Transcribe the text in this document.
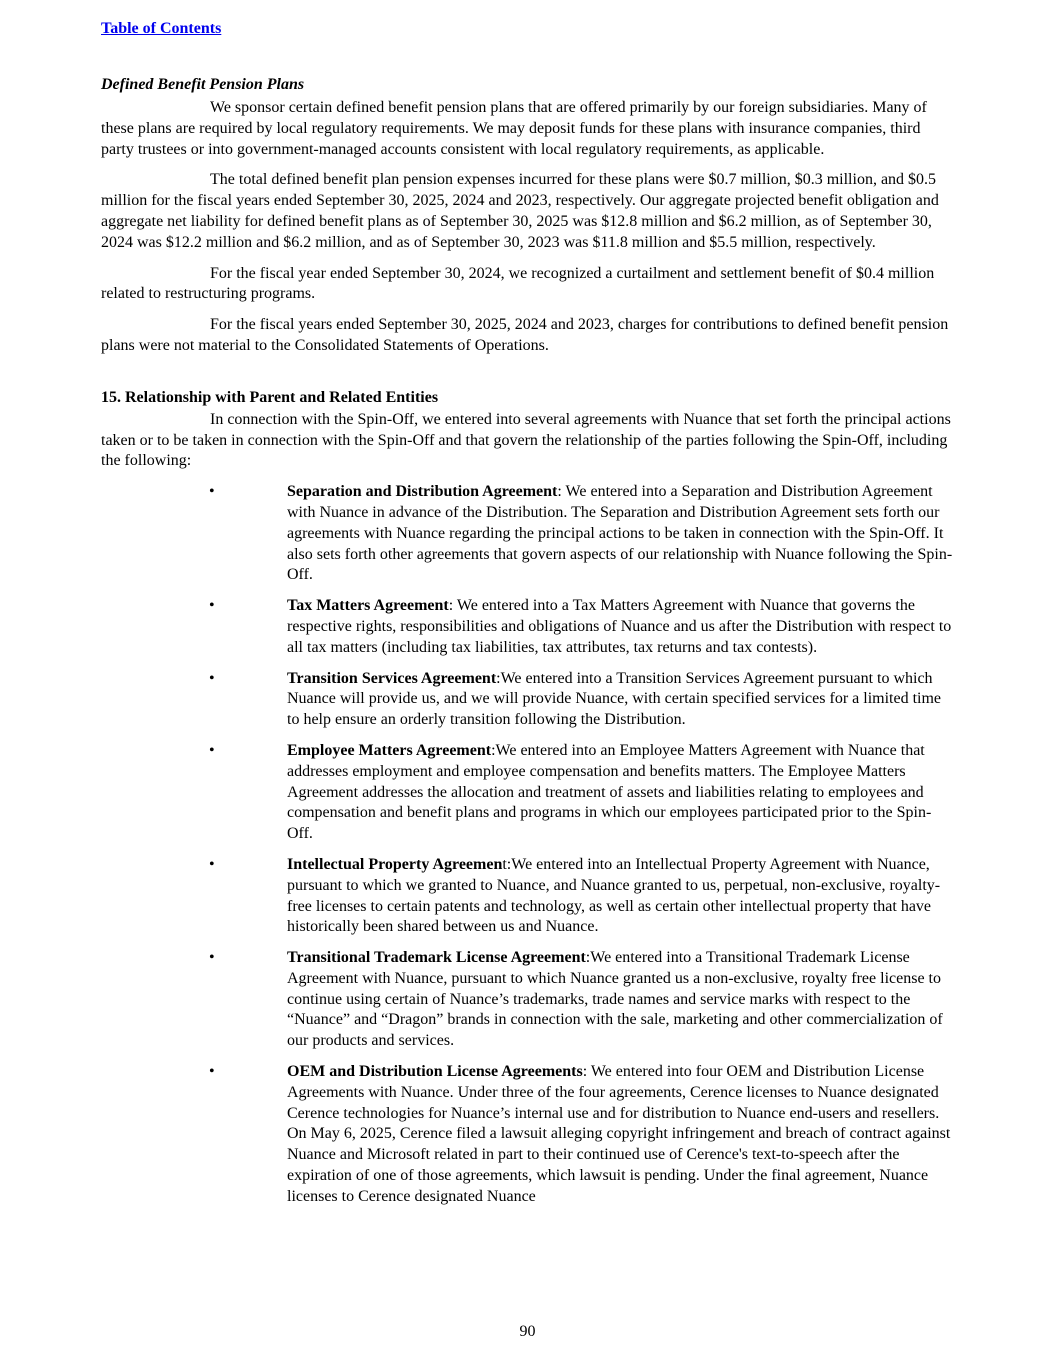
Table of Contents
Defined Benefit Pension Plans

We sponsor certain defined benefit pension plans that are offered primarily by our foreign subsidiaries. Many of these plans are required by local regulatory requirements. We may deposit funds for these plans with insurance companies, third party trustees or into government-managed accounts consistent with local regulatory requirements, as applicable.

The total defined benefit plan pension expenses incurred for these plans were $0.7 million, $0.3 million, and $0.5 million for the fiscal years ended September 30, 2025, 2024 and 2023, respectively. Our aggregate projected benefit obligation and aggregate net liability for defined benefit plans as of September 30, 2025 was $12.8 million and $6.2 million, as of September 30, 2024 was $12.2 million and $6.2 million, and as of September 30, 2023 was $11.8 million and $5.5 million, respectively.

For the fiscal year ended September 30, 2024, we recognized a curtailment and settlement benefit of $0.4 million related to restructuring programs.

For the fiscal years ended September 30, 2025, 2024 and 2023, charges for contributions to defined benefit pension plans were not material to the Consolidated Statements of Operations.

15. Relationship with Parent and Related Entities

In connection with the Spin-Off, we entered into several agreements with Nuance that set forth the principal actions taken or to be taken in connection with the Spin-Off and that govern the relationship of the parties following the Spin-Off, including the following:

•	Separation and Distribution Agreement: We entered into a Separation and Distribution Agreement with Nuance in advance of the Distribution. The Separation and Distribution Agreement sets forth our agreements with Nuance regarding the principal actions to be taken in connection with the Spin-Off. It also sets forth other agreements that govern aspects of our relationship with Nuance following the Spin-Off.
•	Tax Matters Agreement: We entered into a Tax Matters Agreement with Nuance that governs the respective rights, responsibilities and obligations of Nuance and us after the Distribution with respect to all tax matters (including tax liabilities, tax attributes, tax returns and tax contests).
•	Transition Services Agreement:We entered into a Transition Services Agreement pursuant to which Nuance will provide us, and we will provide Nuance, with certain specified services for a limited time to help ensure an orderly transition following the Distribution.
•	Employee Matters Agreement:We entered into an Employee Matters Agreement with Nuance that addresses employment and employee compensation and benefits matters. The Employee Matters Agreement addresses the allocation and treatment of assets and liabilities relating to employees and compensation and benefit plans and programs in which our employees participated prior to the Spin-Off.
•	Intellectual Property Agreement:We entered into an Intellectual Property Agreement with Nuance, pursuant to which we granted to Nuance, and Nuance granted to us, perpetual, non-exclusive, royalty-free licenses to certain patents and technology, as well as certain other intellectual property that have historically been shared between us and Nuance.
•	Transitional Trademark License Agreement:We entered into a Transitional Trademark License Agreement with Nuance, pursuant to which Nuance granted us a non-exclusive, royalty free license to continue using certain of Nuance’s trademarks, trade names and service marks with respect to the “Nuance” and “Dragon” brands in connection with the sale, marketing and other commercialization of our products and services.
•	OEM and Distribution License Agreements: We entered into four OEM and Distribution License Agreements with Nuance. Under three of the four agreements, Cerence licenses to Nuance designated Cerence technologies for Nuance’s internal use and for distribution to Nuance end-users and resellers. On May 6, 2025, Cerence filed a lawsuit alleging copyright infringement and breach of contract against Nuance and Microsoft related in part to their continued use of Cerence's text-to-speech after the expiration of one of those agreements, which lawsuit is pending. Under the final agreement, Nuance licenses to Cerence designated Nuance
90
